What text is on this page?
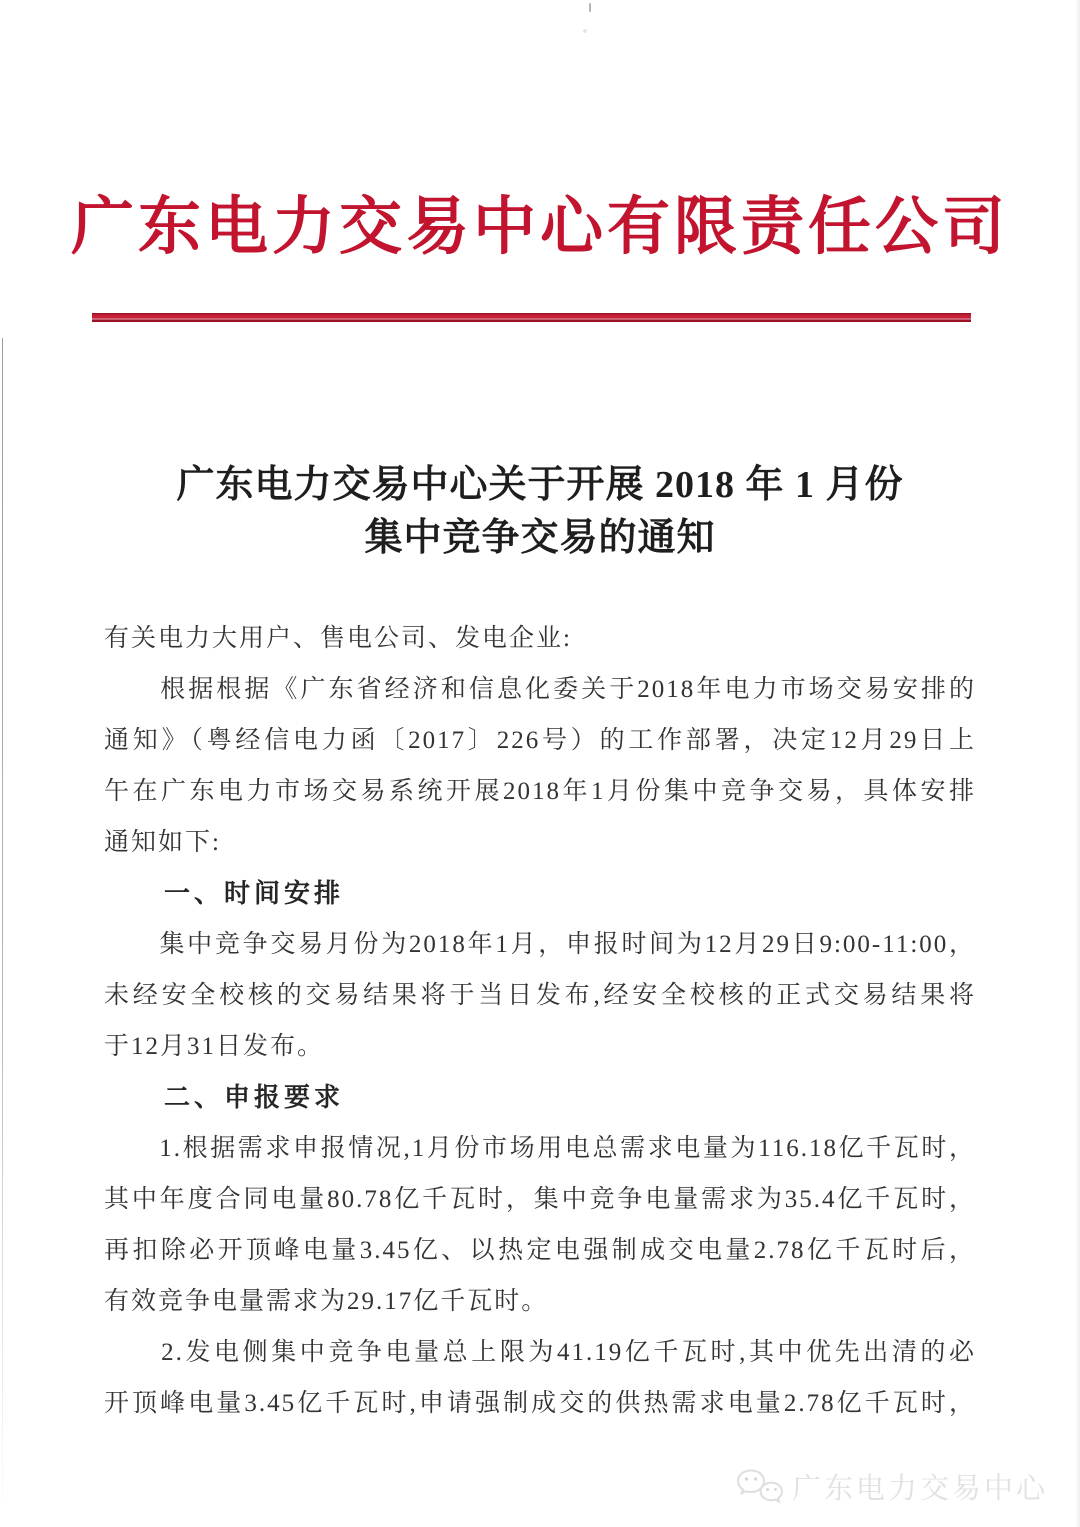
广东电力交易中心有限责任公司
广东电力交易中心关于开展 2018 年 1 月份
集中竞争交易的通知
有关电力大用户、售电公司、发电企业:
　　根据根据《广东省经济和信息化委关于2018年电力市场交易安排的
通知》（粤经信电力函〔2017〕226号）的工作部署，决定12月29日上
午在广东电力市场交易系统开展2018年1月份集中竞争交易，具体安排
通知如下:
　　一、时间安排
　　集中竞争交易月份为2018年1月，申报时间为12月29日9:00-11:00，
未经安全校核的交易结果将于当日发布,经安全校核的正式交易结果将
于12月31日发布。
　　二、申报要求
　　1.根据需求申报情况,1月份市场用电总需求电量为116.18亿千瓦时，
其中年度合同电量80.78亿千瓦时，集中竞争电量需求为35.4亿千瓦时，
再扣除必开顶峰电量3.45亿、以热定电强制成交电量2.78亿千瓦时后，
有效竞争电量需求为29.17亿千瓦时。
　　2.发电侧集中竞争电量总上限为41.19亿千瓦时,其中优先出清的必
开顶峰电量3.45亿千瓦时,申请强制成交的供热需求电量2.78亿千瓦时，
广东电力交易中心
